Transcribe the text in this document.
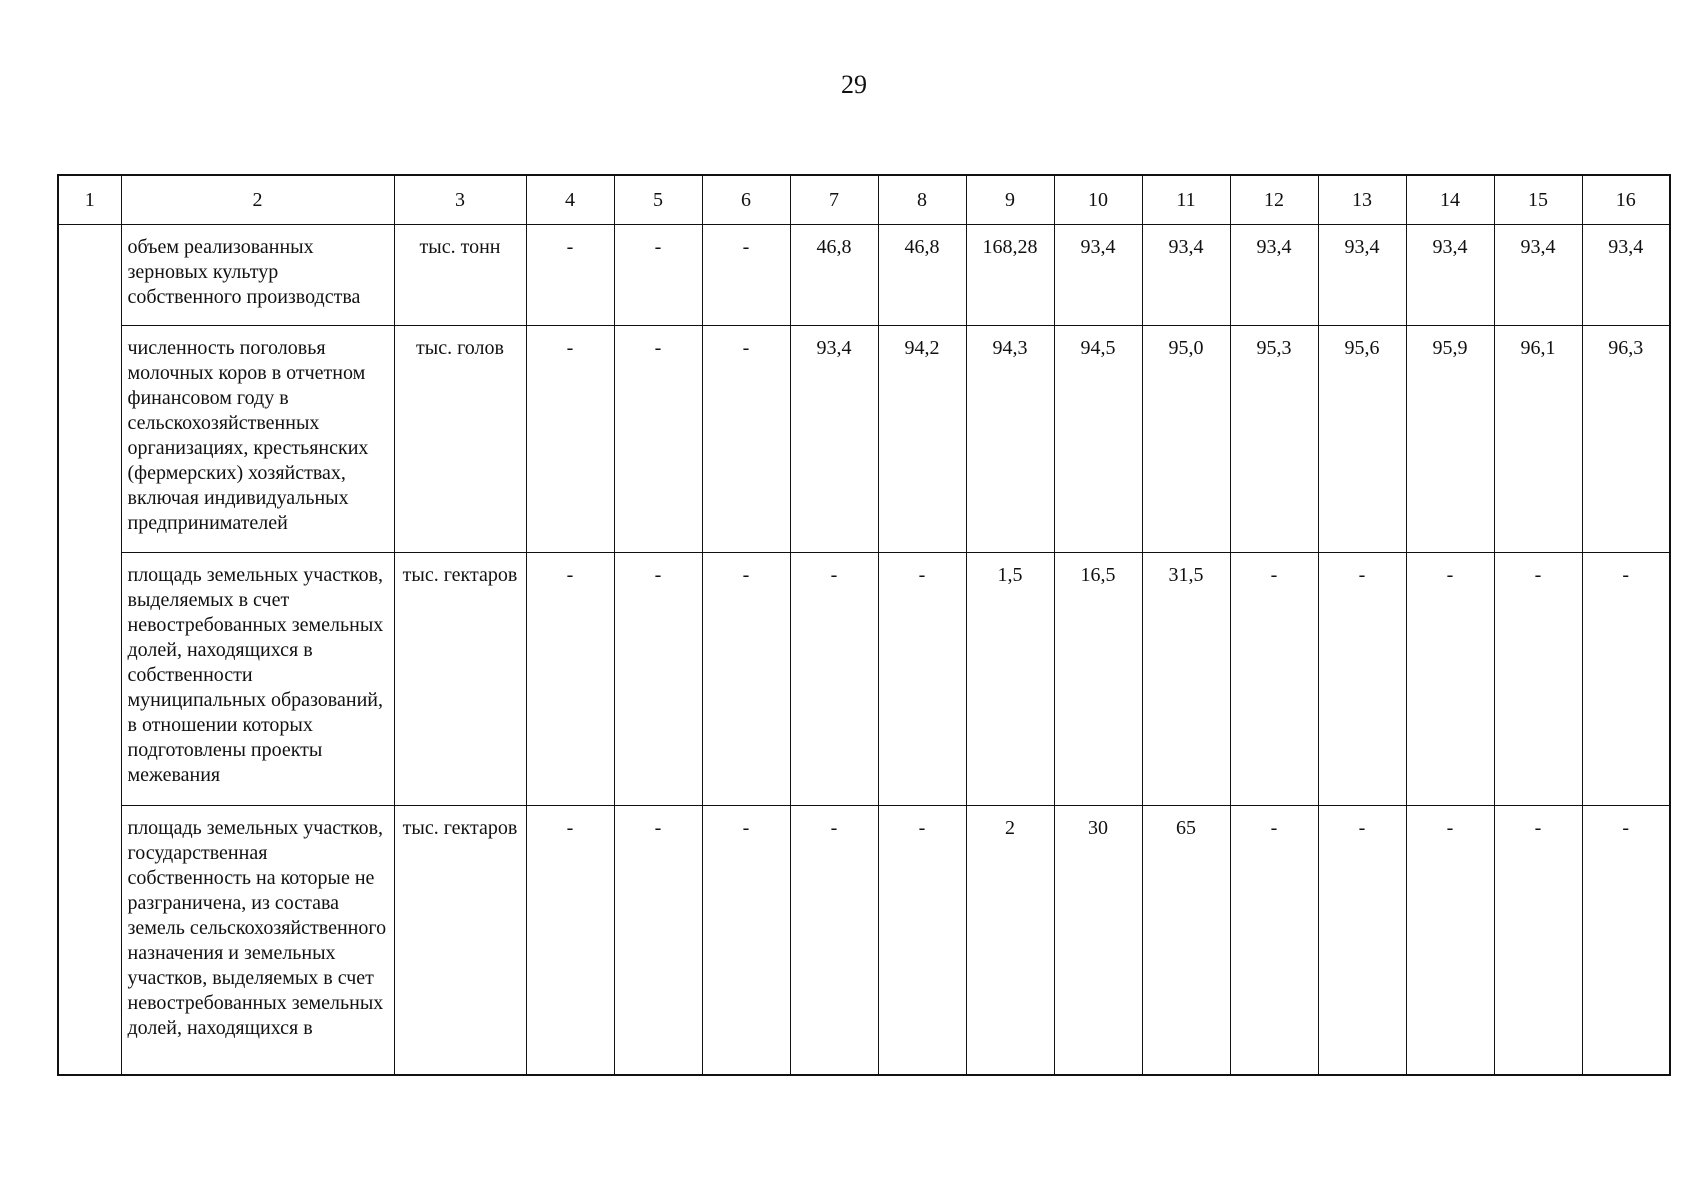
29
1	2	3	4	5	6	7	8	9	10	11	12	13	14	15	16
	объем реализованных зерновых культур собственного производства	тыс. тонн	-	-	-	46,8	46,8	168,28	93,4	93,4	93,4	93,4	93,4	93,4	93,4
	численность поголовья молочных коров в отчетном финансовом году в сельскохозяйственных организациях, крестьянских (фермерских) хозяйствах, включая индивидуальных предпринимателей	тыс. голов	-	-	-	93,4	94,2	94,3	94,5	95,0	95,3	95,6	95,9	96,1	96,3
	площадь земельных участков, выделяемых в счет невостребованных земельных долей, находящихся в собственности муниципальных образований, в отношении которых подготовлены проекты межевания	тыс. гектаров	-	-	-	-	-	1,5	16,5	31,5	-	-	-	-	-
	площадь земельных участков, государственная собственность на которые не разграничена, из состава земель сельскохозяйственного назначения и земельных участков, выделяемых в счет невостребованных земельных долей, находящихся в	тыс. гектаров	-	-	-	-	-	2	30	65	-	-	-	-	-
